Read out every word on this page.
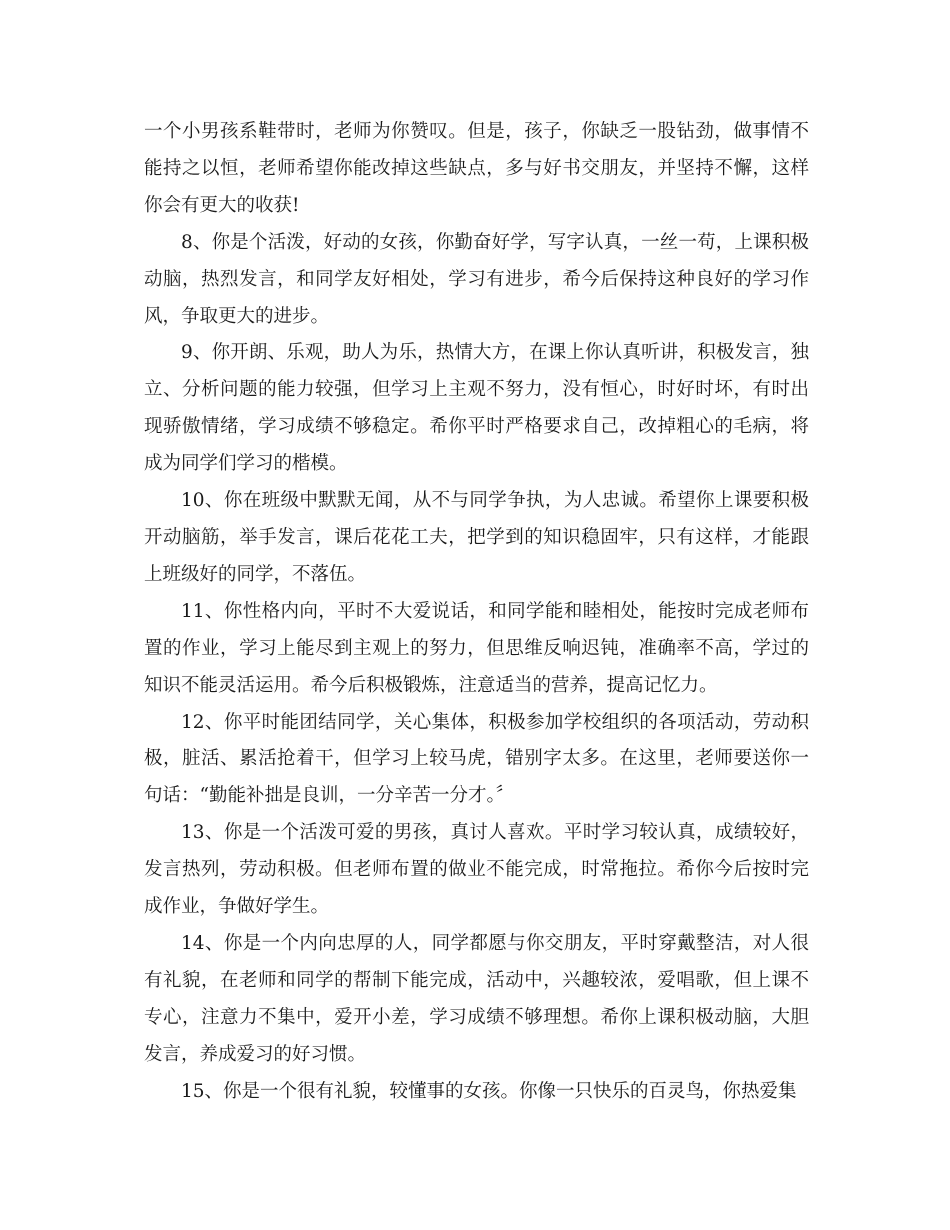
一个小男孩系鞋带时，老师为你赞叹。但是，孩子，你缺乏一股钻劲，做事情不能持之以恒，老师希望你能改掉这些缺点，多与好书交朋友，并坚持不懈，这样你会有更大的收获!

8、你是个活泼，好动的女孩，你勤奋好学，写字认真，一丝一苟，上课积极动脑，热烈发言，和同学友好相处，学习有进步，希今后保持这种良好的学习作风，争取更大的进步。

9、你开朗、乐观，助人为乐，热情大方，在课上你认真听讲，积极发言，独立、分析问题的能力较强，但学习上主观不努力，没有恒心，时好时坏，有时出现骄傲情绪，学习成绩不够稳定。希你平时严格要求自己，改掉粗心的毛病，将成为同学们学习的楷模。

10、你在班级中默默无闻，从不与同学争执，为人忠诚。希望你上课要积极开动脑筋，举手发言，课后花花工夫，把学到的知识稳固牢，只有这样，才能跟上班级好的同学，不落伍。

11、你性格内向，平时不大爱说话，和同学能和睦相处，能按时完成老师布置的作业，学习上能尽到主观上的努力，但思维反响迟钝，准确率不高，学过的知识不能灵活运用。希今后积极锻炼，注意适当的营养，提高记忆力。

12、你平时能团结同学，关心集体，积极参加学校组织的各项活动，劳动积极，脏活、累活抢着干，但学习上较马虎，错别字太多。在这里，老师要送你一句话：“勤能补拙是良训，一分辛苦一分才。〞

13、你是一个活泼可爱的男孩，真讨人喜欢。平时学习较认真，成绩较好，发言热列，劳动积极。但老师布置的做业不能完成，时常拖拉。希你今后按时完成作业，争做好学生。

14、你是一个内向忠厚的人，同学都愿与你交朋友，平时穿戴整洁，对人很有礼貌，在老师和同学的帮制下能完成，活动中，兴趣较浓，爱唱歌，但上课不专心，注意力不集中，爱开小差，学习成绩不够理想。希你上课积极动脑，大胆发言，养成爱习的好习惯。

15、你是一个很有礼貌，较懂事的女孩。你像一只快乐的百灵鸟，你热爱集
